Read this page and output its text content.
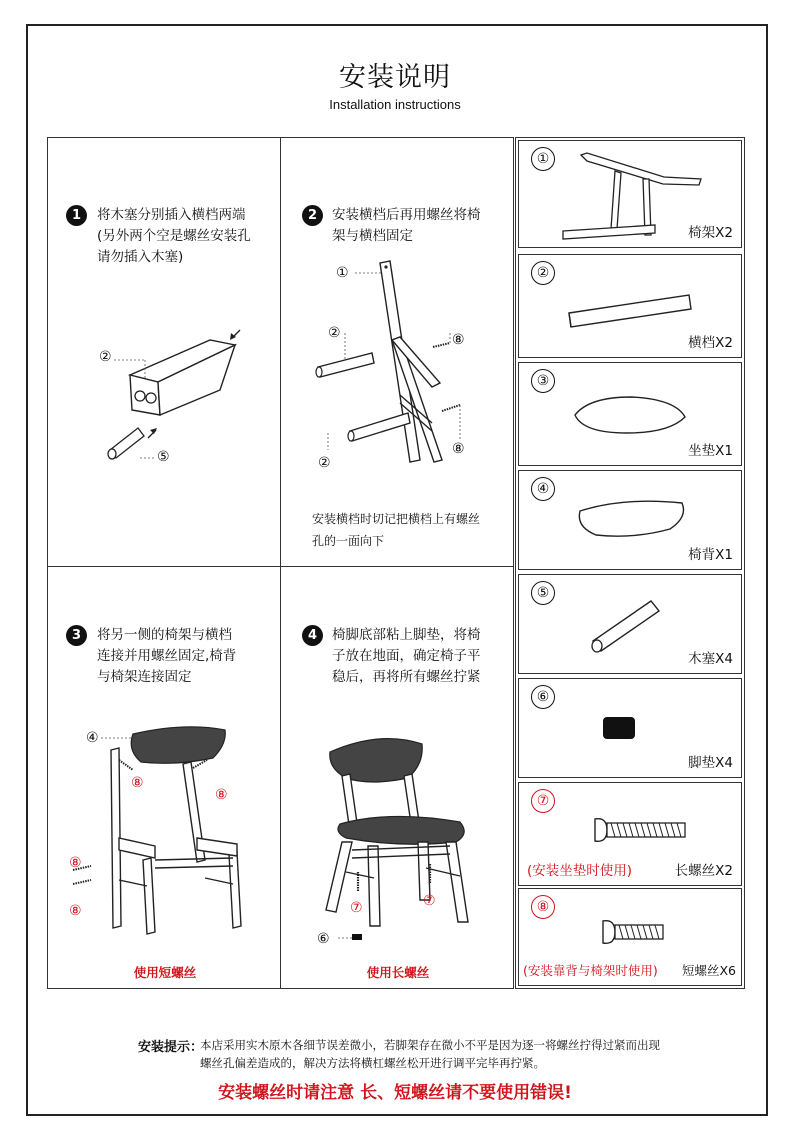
安装说明
Installation instructions
1	将木塞分别插入横档两端
(另外两个空是螺丝安装孔
请勿插入木塞)
②
⑤
2	安装横档后再用螺丝将椅
架与横档固定
①
②	⑧
②
⑧
安装横档时切记把横档上有螺丝
孔的一面向下
3	将另一侧的椅架与横档
连接并用螺丝固定,椅背
与椅架连接固定
④
⑧
⑧
⑧
⑧
使用短螺丝
4	椅脚底部粘上脚垫，将椅
子放在地面，确定椅子平
稳后，再将所有螺丝拧紧
⑦	⑦
⑥
使用长螺丝
①
椅架X2
②
横档X2
③
坐垫X1
④
椅背X1
⑤
木塞X4
⑥
脚垫X4
⑦
(安装坐垫时使用)	长螺丝X2
⑧
(安装靠背与椅架时使用) 短螺丝X6
安装提示：
本店采用实木原木各细节误差微小，若脚架存在微小不平是因为逐一将螺丝拧得过紧而出现螺丝孔偏差造成的，解决方法将横杠螺丝松开进行调平完毕再拧紧。
安装螺丝时请注意 长、短螺丝请不要使用错误!
